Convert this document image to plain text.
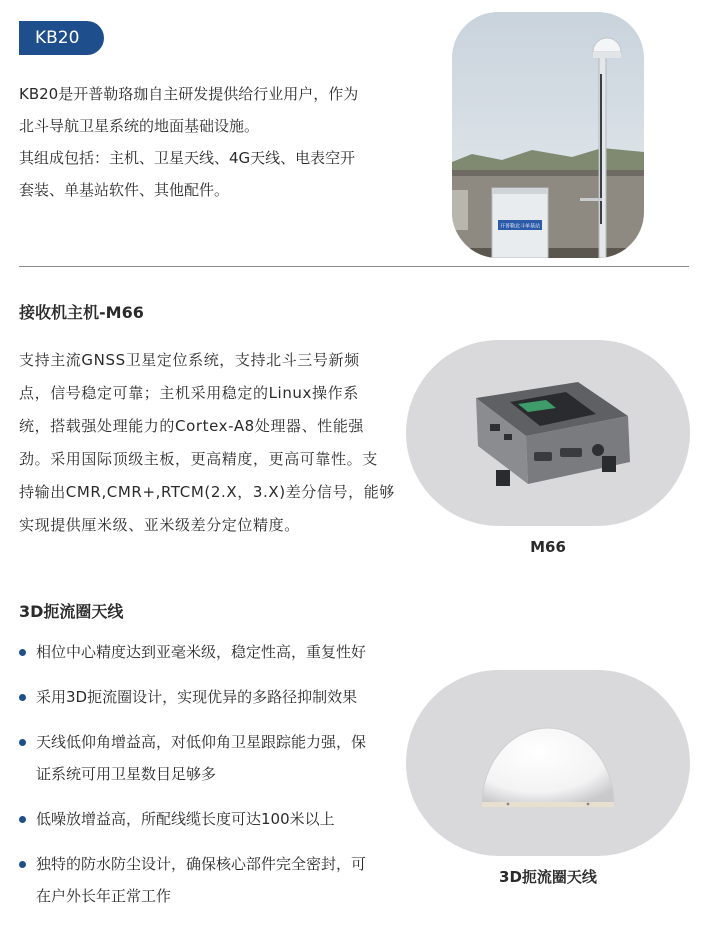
KB20
KB20是开普勒珞珈自主研发提供给行业用户，作为
北斗导航卫星系统的地面基础设施。
其组成包括：主机、卫星天线、4G天线、电表空开
套装、单基站软件、其他配件。
开普勒北斗单基站
接收机主机-M66
支持主流GNSS卫星定位系统，支持北斗三号新频
点，信号稳定可靠；主机采用稳定的Linux操作系
统，搭载强处理能力的Cortex-A8处理器、性能强
劲。采用国际顶级主板，更高精度，更高可靠性。支
持输出CMR,CMR+,RTCM(2.X，3.X)差分信号，能够
实现提供厘米级、亚米级差分定位精度。
M66
3D扼流圈天线
相位中心精度达到亚毫米级，稳定性高，重复性好
采用3D扼流圈设计，实现优异的多路径抑制效果
天线低仰角增益高，对低仰角卫星跟踪能力强，保
证系统可用卫星数目足够多
低噪放增益高，所配线缆长度可达100米以上
独特的防水防尘设计，确保核心部件完全密封，可
在户外长年正常工作
3D扼流圈天线
